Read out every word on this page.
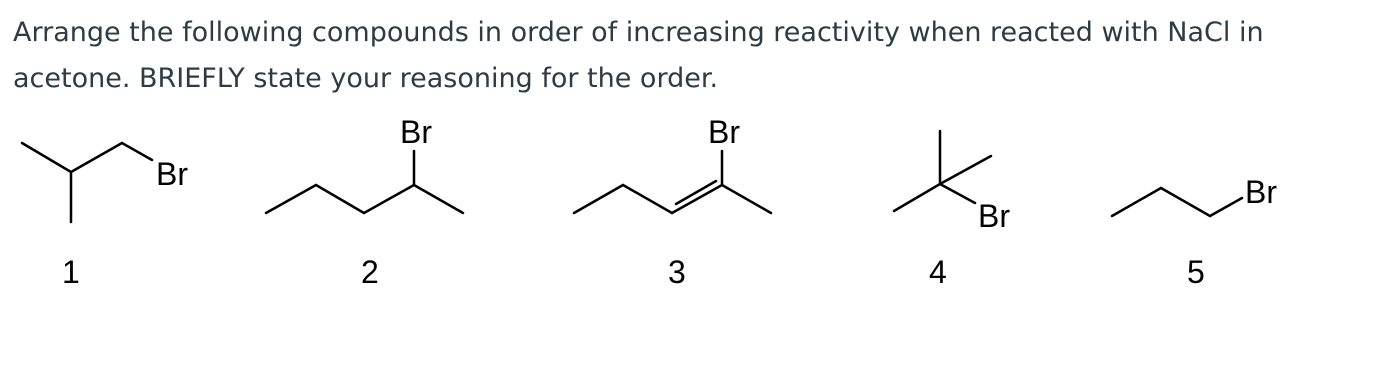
Arrange the following compounds in order of increasing reactivity when reacted with NaCl in
acetone. BRIEFLY state your reasoning for the order.

Br
1
Br
2
Br
3
Br
4
Br
5
